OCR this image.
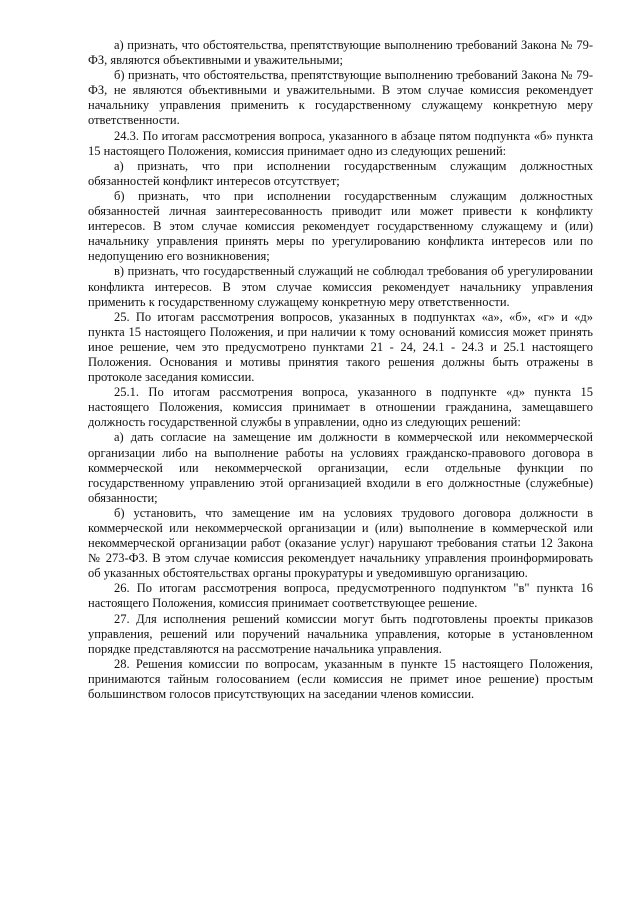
а) признать, что обстоятельства, препятствующие выполнению требований Закона № 79-ФЗ, являются объективными и уважительными;

б) признать, что обстоятельства, препятствующие выполнению требований Закона № 79-ФЗ, не являются объективными и уважительными. В этом случае комиссия рекомендует начальнику управления применить к государственному служащему конкретную меру ответственности.

24.3. По итогам рассмотрения вопроса, указанного в абзаце пятом подпункта «б» пункта 15 настоящего Положения, комиссия принимает одно из следующих решений:

а) признать, что при исполнении государственным служащим должностных обязанностей конфликт интересов отсутствует;

б) признать, что при исполнении государственным служащим должностных обязанностей личная заинтересованность приводит или может привести к конфликту интересов. В этом случае комиссия рекомендует государственному служащему и (или) начальнику управления принять меры по урегулированию конфликта интересов или по недопущению его возникновения;

в) признать, что государственный служащий не соблюдал требования об урегулировании конфликта интересов. В этом случае комиссия рекомендует начальнику управления применить к государственному служащему конкретную меру ответственности.

25. По итогам рассмотрения вопросов, указанных в подпунктах «а», «б», «г» и «д» пункта 15 настоящего Положения, и при наличии к тому оснований комиссия может принять иное решение, чем это предусмотрено пунктами 21 - 24, 24.1 - 24.3 и 25.1 настоящего Положения. Основания и мотивы принятия такого решения должны быть отражены в протоколе заседания комиссии.

25.1. По итогам рассмотрения вопроса, указанного в подпункте «д» пункта 15 настоящего Положения, комиссия принимает в отношении гражданина, замещавшего должность государственной службы в управлении, одно из следующих решений:

а) дать согласие на замещение им должности в коммерческой или некоммерческой организации либо на выполнение работы на условиях гражданско-правового договора в коммерческой или некоммерческой организации, если отдельные функции по государственному управлению этой организацией входили в его должностные (служебные) обязанности;

б) установить, что замещение им на условиях трудового договора должности в коммерческой или некоммерческой организации и (или) выполнение в коммерческой или некоммерческой организации работ (оказание услуг) нарушают требования статьи 12 Закона № 273-ФЗ. В этом случае комиссия рекомендует начальнику управления проинформировать об указанных обстоятельствах органы прокуратуры и уведомившую организацию.

26. По итогам рассмотрения вопроса, предусмотренного подпунктом "в" пункта 16 настоящего Положения, комиссия принимает соответствующее решение.

27. Для исполнения решений комиссии могут быть подготовлены проекты приказов управления, решений или поручений начальника управления, которые в установленном порядке представляются на рассмотрение начальника управления.

28. Решения комиссии по вопросам, указанным в пункте 15 настоящего Положения, принимаются тайным голосованием (если комиссия не примет иное решение) простым большинством голосов присутствующих на заседании членов комиссии.
